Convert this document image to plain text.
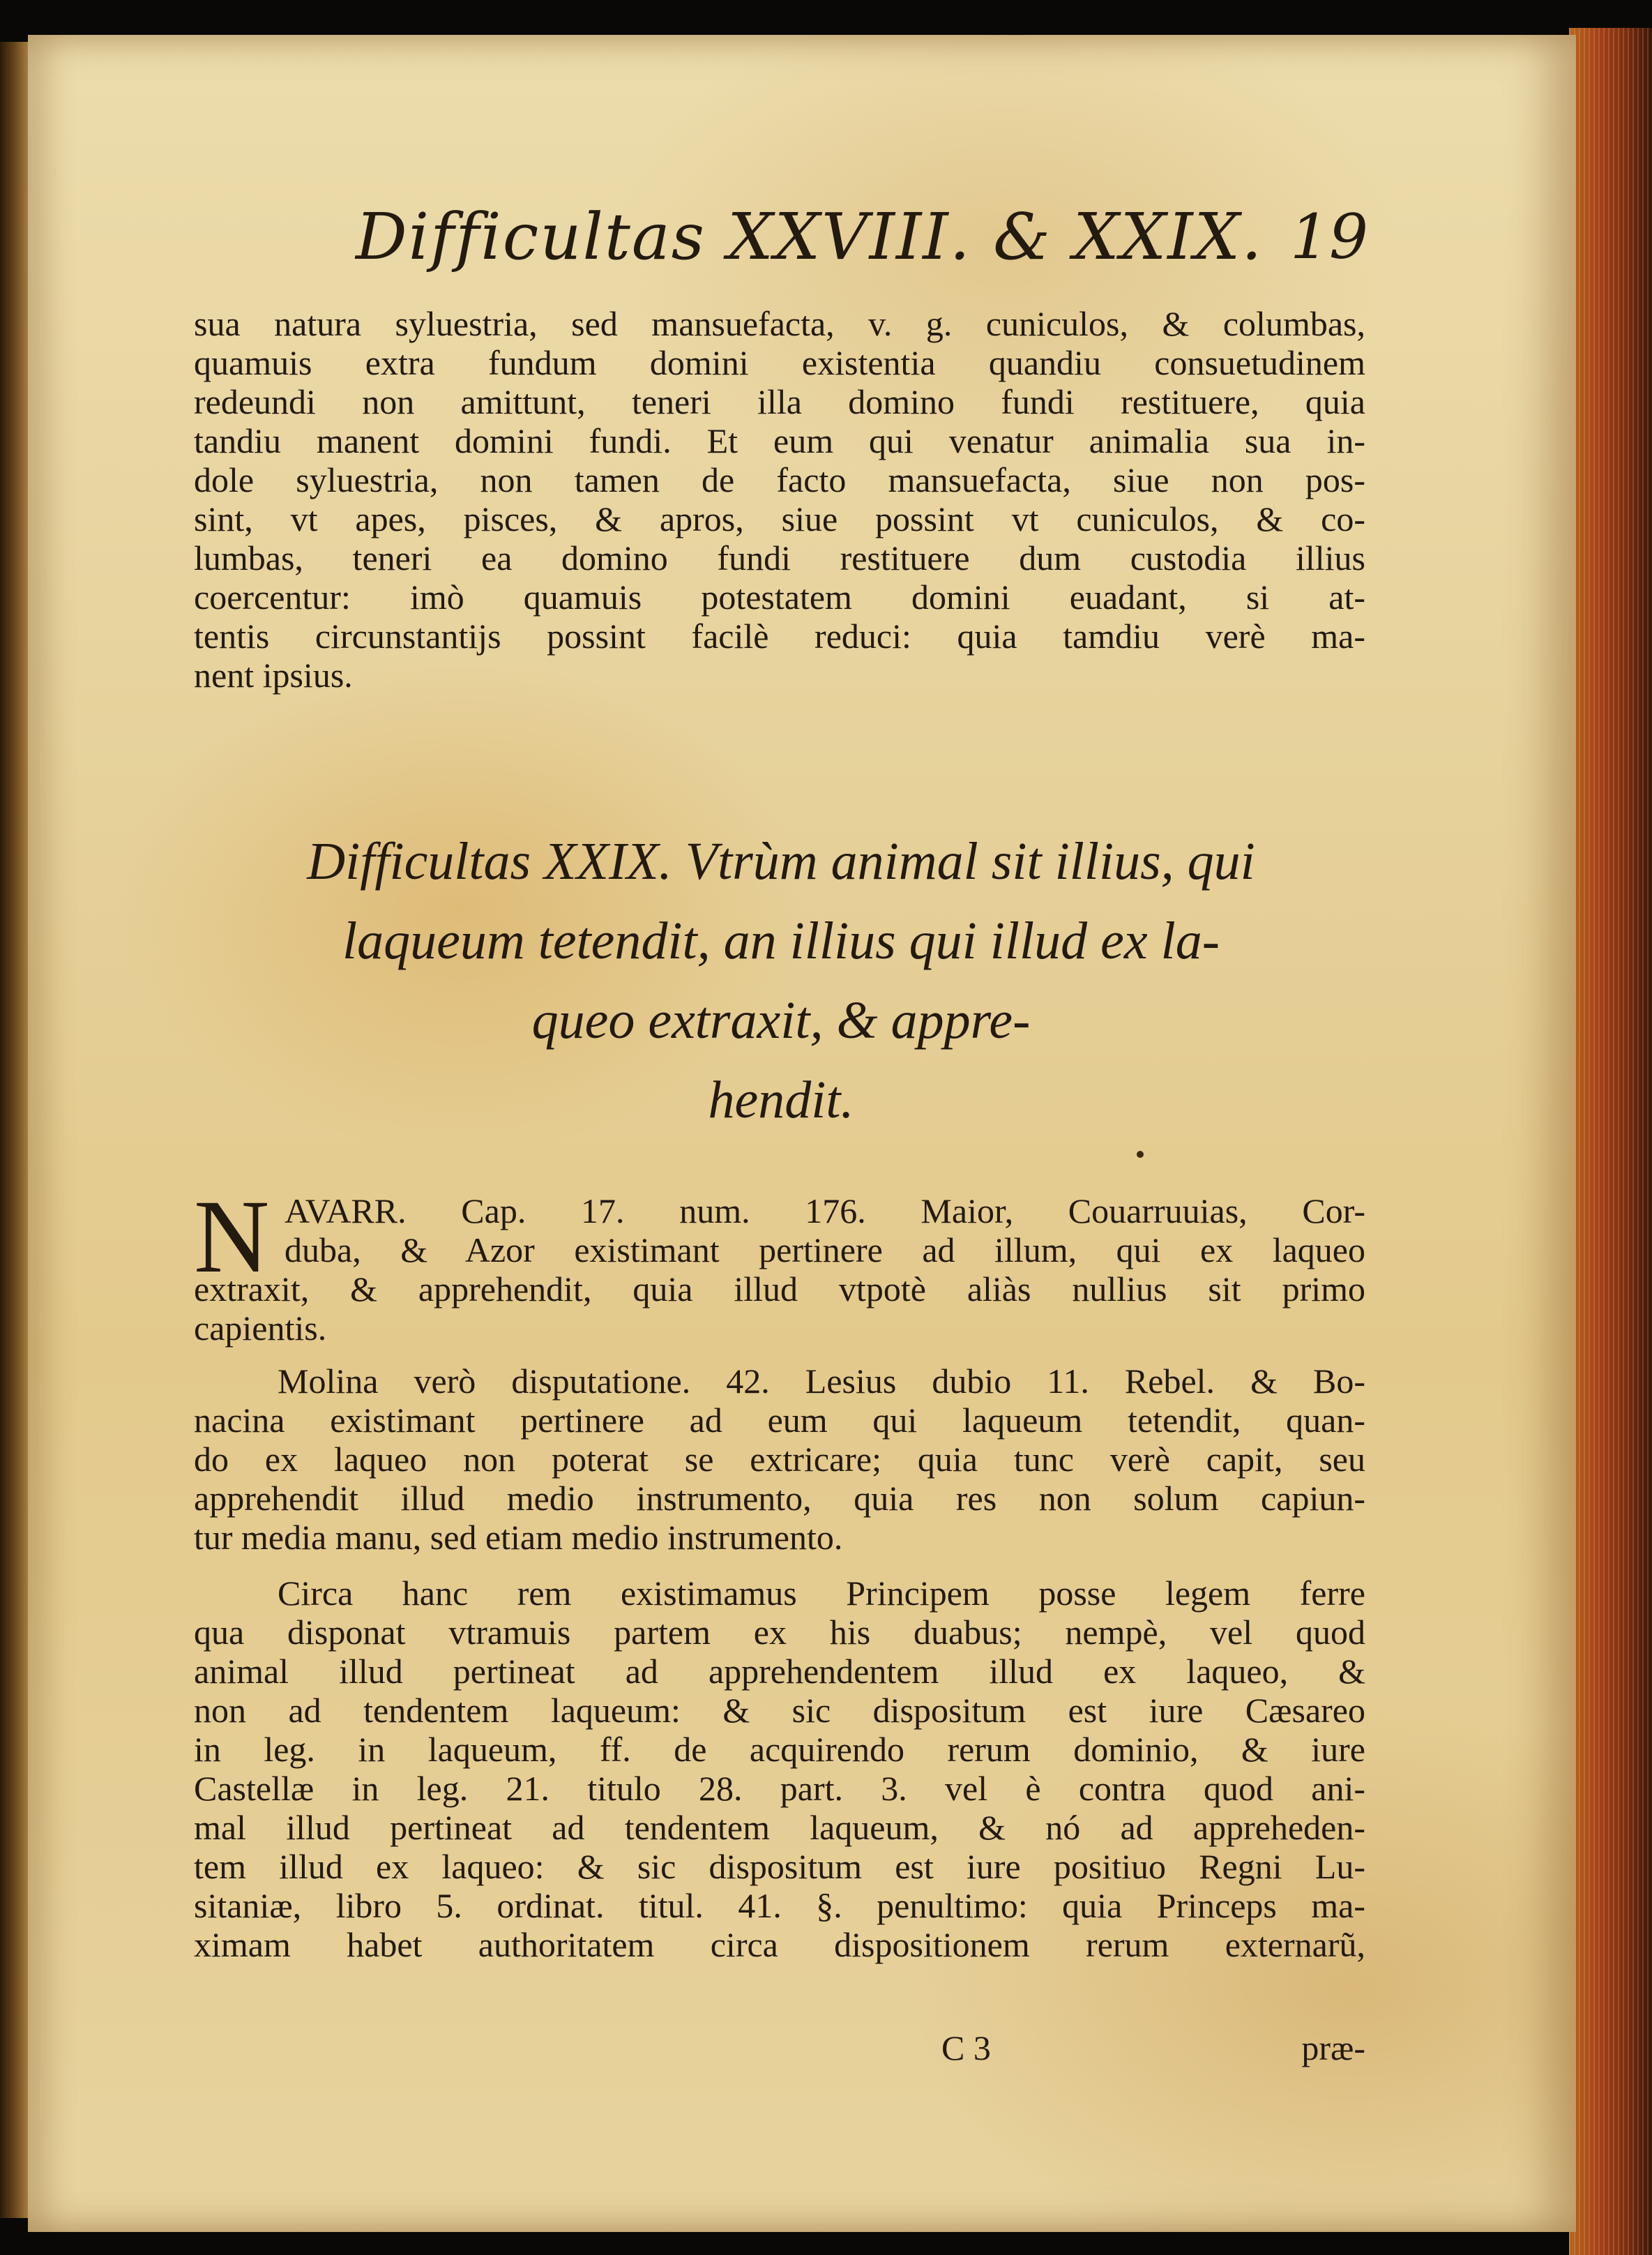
Difficultas XXVIII. & XXIX. 19
sua natura syluestria, sed mansuefacta, v. g. cuniculos, & columbas,
quamuis extra fundum domini existentia quandiu consuetudinem
redeundi non amittunt, teneri illa domino fundi restituere, quia
tandiu manent domini fundi. Et eum qui venatur animalia sua in-
dole syluestria, non tamen de facto mansuefacta, siue non pos-
sint, vt apes, pisces, & apros, siue possint vt cuniculos, & co-
lumbas, teneri ea domino fundi restituere dum custodia illius
coercentur: imò quamuis potestatem domini euadant, si at-
tentis circunstantijs possint facilè reduci: quia tamdiu verè ma-
nent ipsius.
Difficultas XXIX. Vtrùm animal sit illius, qui
laqueum tetendit, an illius qui illud ex la-
queo extraxit, & appre-
hendit.
N AVARR. Cap. 17. num. 176. Maior, Couarruuias, Cor-
duba, & Azor existimant pertinere ad illum, qui ex laqueo
extraxit, & apprehendit, quia illud vtpotè aliàs nullius sit primo
capientis.
Molina verò disputatione. 42. Lesius dubio 11. Rebel. & Bo-
nacina existimant pertinere ad eum qui laqueum tetendit, quan-
do ex laqueo non poterat se extricare; quia tunc verè capit, seu
apprehendit illud medio instrumento, quia res non solum capiun-
tur media manu, sed etiam medio instrumento.
Circa hanc rem existimamus Principem posse legem ferre
qua disponat vtramuis partem ex his duabus; nempè, vel quod
animal illud pertineat ad apprehendentem illud ex laqueo, &
non ad tendentem laqueum: & sic dispositum est iure Cæsareo
in leg. in laqueum, ff. de acquirendo rerum dominio, & iure
Castellæ in leg. 21. titulo 28. part. 3. vel è contra quod ani-
mal illud pertineat ad tendentem laqueum, & nó ad appreheden-
tem illud ex laqueo: & sic dispositum est iure positiuo Regni Lu-
sitaniæ, libro 5. ordinat. titul. 41. §. penultimo: quia Princeps ma-
ximam habet authoritatem circa dispositionem rerum externarũ,
C 3	præ-
